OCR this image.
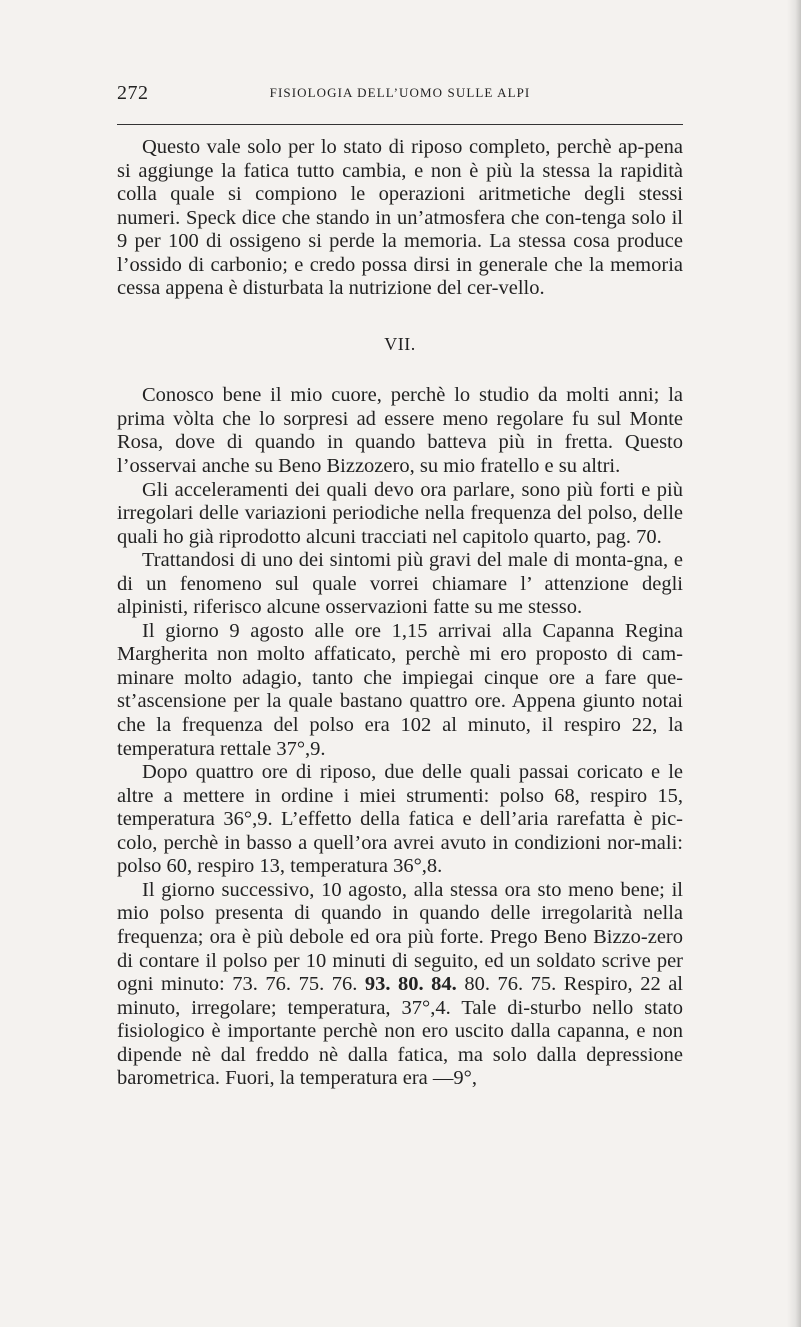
272	FISIOLOGIA DELL’UOMO SULLE ALPI

Questo vale solo per lo stato di riposo completo, perchè ap-pena si aggiunge la fatica tutto cambia, e non è più la stessa la rapidità colla quale si compiono le operazioni aritmetiche degli stessi numeri. Speck dice che stando in un’atmosfera che con-tenga solo il 9 per 100 di ossigeno si perde la memoria. La stessa cosa produce l’ossido di carbonio; e credo possa dirsi in generale che la memoria cessa appena è disturbata la nutrizione del cer-vello.

VII.

Conosco bene il mio cuore, perchè lo studio da molti anni; la prima vòlta che lo sorpresi ad essere meno regolare fu sul Monte Rosa, dove di quando in quando batteva più in fretta. Questo l’osservai anche su Beno Bizzozero, su mio fratello e su altri.

Gli acceleramenti dei quali devo ora parlare, sono più forti e più irregolari delle variazioni periodiche nella frequenza del polso, delle quali ho già riprodotto alcuni tracciati nel capitolo quarto, pag. 70.

Trattandosi di uno dei sintomi più gravi del male di monta-gna, e di un fenomeno sul quale vorrei chiamare l’ attenzione degli alpinisti, riferisco alcune osservazioni fatte su me stesso.

Il giorno 9 agosto alle ore 1,15 arrivai alla Capanna Regina Margherita non molto affaticato, perchè mi ero proposto di cam-minare molto adagio, tanto che impiegai cinque ore a fare que-st’ascensione per la quale bastano quattro ore. Appena giunto notai che la frequenza del polso era 102 al minuto, il respiro 22, la temperatura rettale 37°,9.

Dopo quattro ore di riposo, due delle quali passai coricato e le altre a mettere in ordine i miei strumenti: polso 68, respiro 15, temperatura 36°,9. L’effetto della fatica e dell’aria rarefatta è pic-colo, perchè in basso a quell’ora avrei avuto in condizioni nor-mali: polso 60, respiro 13, temperatura 36°,8.

Il giorno successivo, 10 agosto, alla stessa ora sto meno bene; il mio polso presenta di quando in quando delle irregolarità nella frequenza; ora è più debole ed ora più forte. Prego Beno Bizzo-zero di contare il polso per 10 minuti di seguito, ed un soldato scrive per ogni minuto: 73. 76. 75. 76. 93. 80. 84. 80. 76. 75. Respiro, 22 al minuto, irregolare; temperatura, 37°,4. Tale di-sturbo nello stato fisiologico è importante perchè non ero uscito dalla capanna, e non dipende nè dal freddo nè dalla fatica, ma solo dalla depressione barometrica. Fuori, la temperatura era —9°,
